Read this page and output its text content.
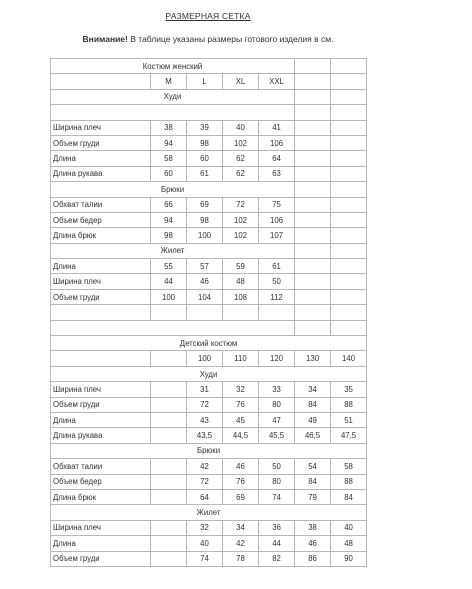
РАЗМЕРНАЯ СЕТКА
Внимание! В таблице указаны размеры готового изделия в см.
Костюм женский						
	M	L	XL	XXL		
Худи						

Ширина плеч	38	39	40	41		
Объем груди	94	98	102	106		
Длина	58	60	62	64		
Длина рукава	60	61	62	63		
Брюки						
Обхват талии	66	69	72	75		
Объем бедер	94	98	102	106		
Длина брюк	98	100	102	107		
Жилет						
Длина	55	57	59	61		
Ширина плеч	44	46	48	50		
Объем груди	100	104	108	112		

Детский костюм						
		100	110	120	130	140
Худи						
Ширина плеч		31	32	33	34	35
Объем груди		72	76	80	84	88
Длина		43	45	47	49	51
Длина рукава		43,5	44,5	45,5	46,5	47,5
Брюки						
Обхват талии		42	46	50	54	58
Объем бедер		72	76	80	84	88
Длина брюк		64	69	74	79	84
Жилет						
Ширина плеч		32	34	36	38	40
Длина		40	42	44	46	48
Объем груди		74	78	82	86	90
